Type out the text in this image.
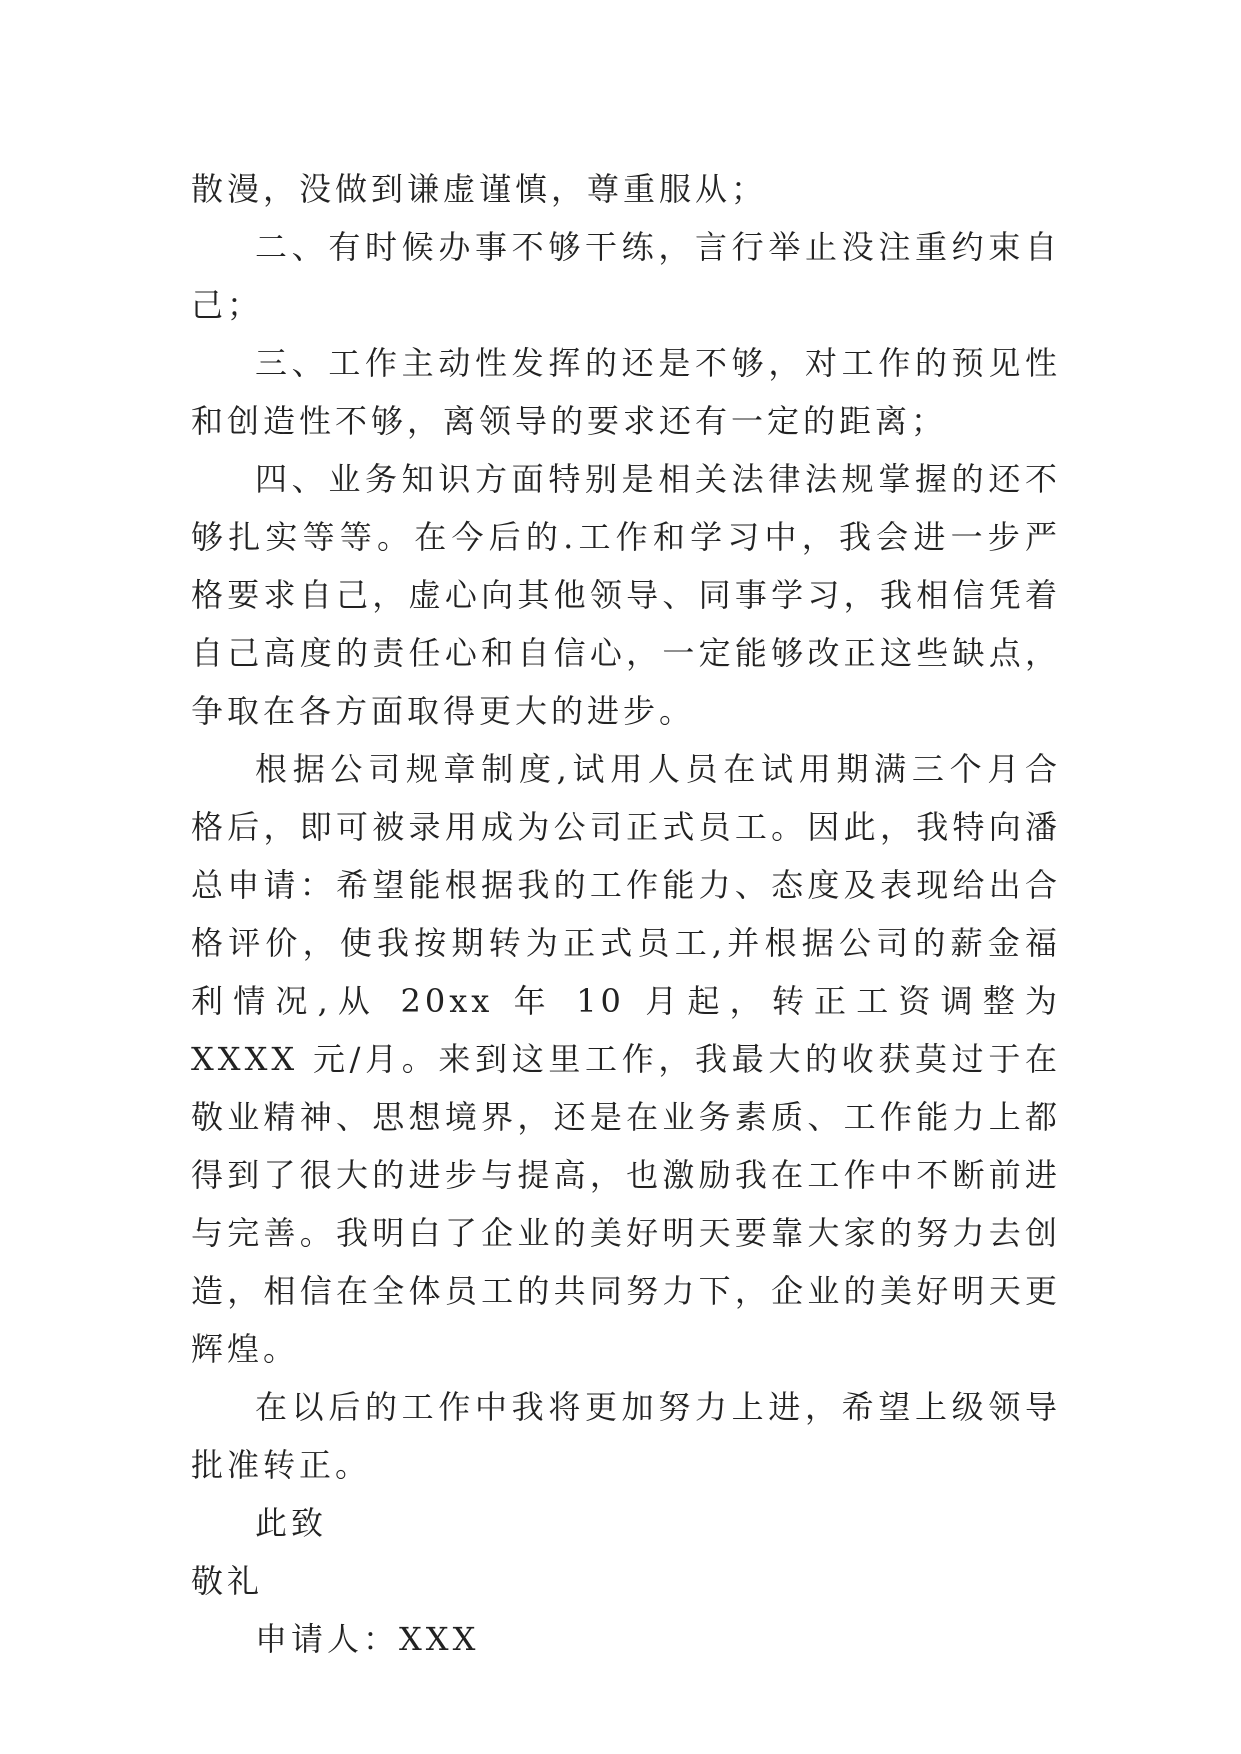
散漫，没做到谦虚谨慎，尊重服从；

二、有时候办事不够干练，言行举止没注重约束自己；

三、工作主动性发挥的还是不够，对工作的预见性和创造性不够，离领导的要求还有一定的距离；

四、业务知识方面特别是相关法律法规掌握的还不够扎实等等。在今后的.工作和学习中，我会进一步严格要求自己，虚心向其他领导、同事学习，我相信凭着自己高度的责任心和自信心，一定能够改正这些缺点，争取在各方面取得更大的进步。

根据公司规章制度,试用人员在试用期满三个月合格后，即可被录用成为公司正式员工。因此，我特向潘总申请：希望能根据我的工作能力、态度及表现给出合格评价，使我按期转为正式员工,并根据公司的薪金福利情况,从 20xx 年 10 月起，转正工资调整为 XXXX 元/月。来到这里工作，我最大的收获莫过于在敬业精神、思想境界，还是在业务素质、工作能力上都得到了很大的进步与提高，也激励我在工作中不断前进与完善。我明白了企业的美好明天要靠大家的努力去创造，相信在全体员工的共同努力下，企业的美好明天更辉煌。

在以后的工作中我将更加努力上进，希望上级领导批准转正。

此致

敬礼

申请人：XXX
